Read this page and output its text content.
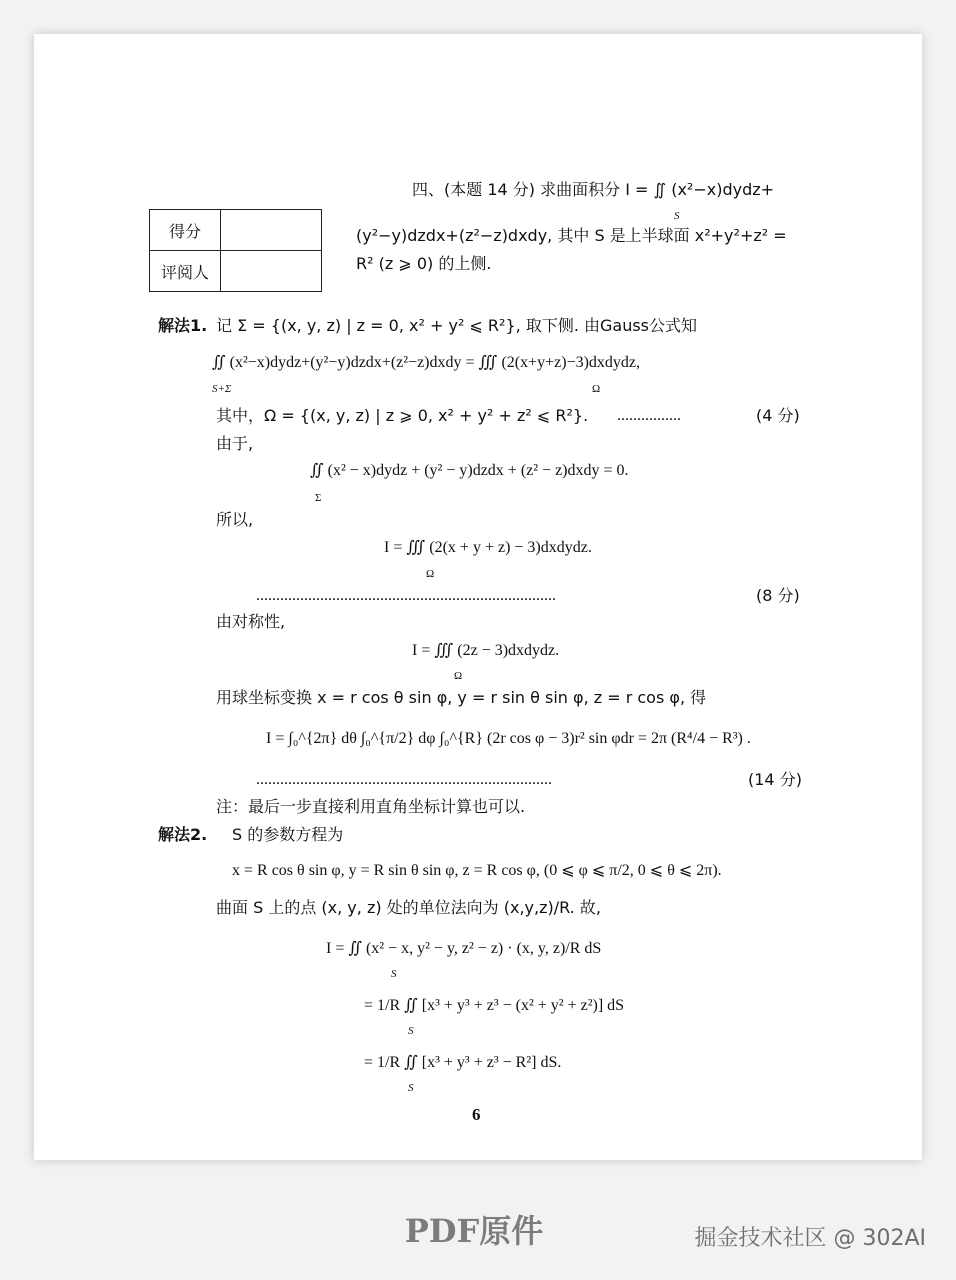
四、(本题 14 分) 求曲面积分 I = ∬ (x²−x)dydz+
S
(y²−y)dzdx+(z²−z)dxdy, 其中 S 是上半球面 x²+y²+z² =
R² (z ⩾ 0) 的上侧.
得分	
评阅人	
解法1. 记 Σ = {(x, y, z) | z = 0, x² + y² ⩽ R²}, 取下侧. 由Gauss公式知
∬ (x²−x)dydz+(y²−y)dzdx+(z²−z)dxdy = ∭ (2(x+y+z)−3)dxdydz,
S+Σ	Ω
其中，Ω = {(x, y, z) | z ⩾ 0, x² + y² + z² ⩽ R²}. ................	(4 分)
由于,
∬ (x² − x)dydz + (y² − y)dzdx + (z² − z)dxdy = 0.
Σ
所以,
I = ∭ (2(x + y + z) − 3)dxdydz.
Ω
...........................................................................	(8 分)
由对称性,
I = ∭ (2z − 3)dxdydz.
Ω
用球坐标变换 x = r cos θ sin φ, y = r sin θ sin φ, z = r cos φ, 得
I = ∫₀^{2π} dθ ∫₀^{π/2} dφ ∫₀^{R} (2r cos φ − 3)r² sin φdr = 2π (R⁴/4 − R³) .
..........................................................................	(14 分)
注：最后一步直接利用直角坐标计算也可以.
解法2. S 的参数方程为
x = R cos θ sin φ, y = R sin θ sin φ, z = R cos φ, (0 ⩽ φ ⩽ π/2, 0 ⩽ θ ⩽ 2π).
曲面 S 上的点 (x, y, z) 处的单位法向为 (x,y,z)/R. 故,
I = ∬ (x² − x, y² − y, z² − z) · (x, y, z)/R dS
S
= 1/R ∬ [x³ + y³ + z³ − (x² + y² + z²)] dS
S
= 1/R ∬ [x³ + y³ + z³ − R²] dS.
S
6
PDF原件	掘金技术社区 @ 302AI
